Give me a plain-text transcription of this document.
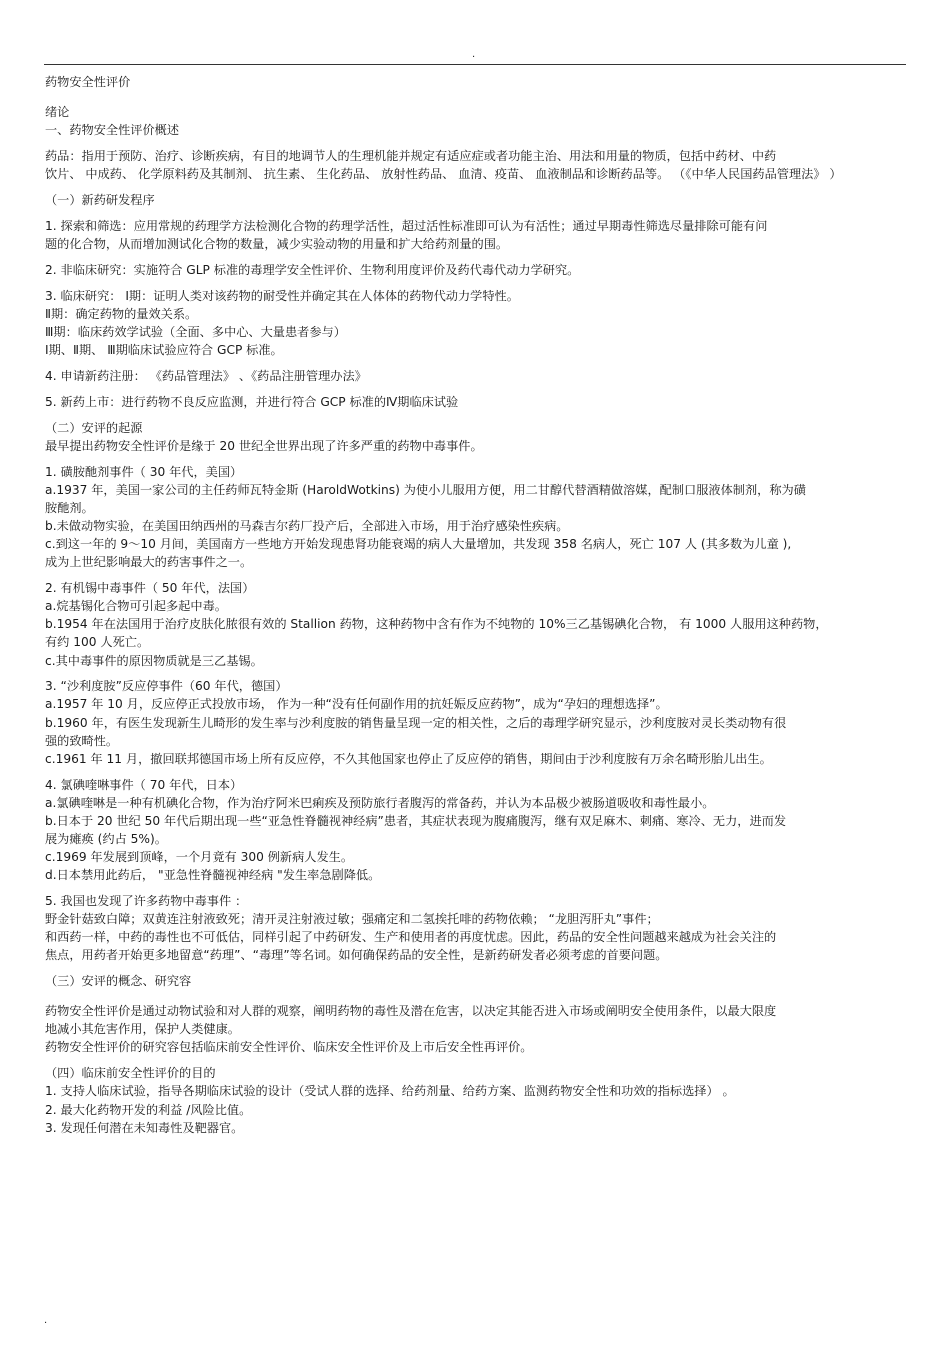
.

药物安全性评价

绪论

一、药物安全性评价概述

药品：指用于预防、治疗、诊断疾病，有目的地调节人的生理机能并规定有适应症或者功能主治、用法和用量的物质，包括中药材、中药

饮片、 中成药、 化学原料药及其制剂、 抗生素、 生化药品、 放射性药品、 血清、疫苗、 血液制品和诊断药品等。 （《中华人民国药品管理法》 ）

（一）新药研发程序

1. 探索和筛选：应用常规的药理学方法检测化合物的药理学活性，超过活性标准即可认为有活性；通过早期毒性筛选尽量排除可能有问

题的化合物，从而增加测试化合物的数量，减少实验动物的用量和扩大给药剂量的围。

2. 非临床研究：实施符合 GLP 标准的毒理学安全性评价、生物利用度评价及药代毒代动力学研究。

3. 临床研究： Ⅰ期：证明人类对该药物的耐受性并确定其在人体体的药物代动力学特性。

Ⅱ期：确定药物的量效关系。

Ⅲ期：临床药效学试验（全面、多中心、大量患者参与）

Ⅰ期、Ⅱ期、 Ⅲ期临床试验应符合 GCP 标准。

4. 申请新药注册： 《药品管理法》 、《药品注册管理办法》

5. 新药上市：进行药物不良反应监测，并进行符合 GCP 标准的Ⅳ期临床试验

（二）安评的起源

最早提出药物安全性评价是缘于 20 世纪全世界出现了许多严重的药物中毒事件。

1. 磺胺酏剂事件（ 30 年代，美国）

a.1937 年，美国一家公司的主任药师瓦特金斯 (HaroldWotkins) 为使小儿服用方便，用二甘醇代替酒精做溶媒，配制口服液体制剂，称为磺

胺酏剂。

b.未做动物实验，在美国田纳西州的马森吉尔药厂投产后，全部进入市场，用于治疗感染性疾病。

c.到这一年的 9～10 月间，美国南方一些地方开始发现患肾功能衰竭的病人大量增加，共发现 358 名病人，死亡 107 人 (其多数为儿童 ),

成为上世纪影响最大的药害事件之一。

2. 有机锡中毒事件（ 50 年代，法国）

a.烷基锡化合物可引起多起中毒。

b.1954 年在法国用于治疗皮肤化脓很有效的 Stallion 药物，这种药物中含有作为不纯物的 10%三乙基锡碘化合物， 有 1000 人服用这种药物，

有约 100 人死亡。

c.其中毒事件的原因物质就是三乙基锡。

3. “沙利度胺”反应停事件（60 年代，德国）

a.1957 年 10 月，反应停正式投放市场， 作为一种“没有任何副作用的抗妊娠反应药物”，成为“孕妇的理想选择”。

b.1960 年，有医生发现新生儿畸形的发生率与沙利度胺的销售量呈现一定的相关性，之后的毒理学研究显示，沙利度胺对灵长类动物有很

强的致畸性。

c.1961 年 11 月，撤回联邦德国市场上所有反应停，不久其他国家也停止了反应停的销售，期间由于沙利度胺有万余名畸形胎儿出生。

4. 氯碘喹啉事件（ 70 年代，日本）

a.氯碘喹啉是一种有机碘化合物，作为治疗阿米巴痢疾及预防旅行者腹泻的常备药，并认为本品极少被肠道吸收和毒性最小。

b.日本于 20 世纪 50 年代后期出现一些“亚急性脊髓视神经病”患者，其症状表现为腹痛腹泻，继有双足麻木、刺痛、寒冷、无力，进而发

展为瘫痪 (约占 5%)。

c.1969 年发展到顶峰，一个月竟有 300 例新病人发生。

d.日本禁用此药后， "亚急性脊髓视神经病 "发生率急剧降低。

5. 我国也发现了许多药物中毒事件 ：

野金针菇致白障；双黄连注射液致死；清开灵注射液过敏；强痛定和二氢挨托啡的药物依赖； “龙胆泻肝丸”事件；

和西药一样，中药的毒性也不可低估，同样引起了中药研发、生产和使用者的再度忧虑。因此，药品的安全性问题越来越成为社会关注的

焦点，用药者开始更多地留意“药理”、“毒理”等名词。如何确保药品的安全性，是新药研发者必须考虑的首要问题。

（三）安评的概念、研究容

药物安全性评价是通过动物试验和对人群的观察，阐明药物的毒性及潜在危害，以决定其能否进入市场或阐明安全使用条件，以最大限度

地减小其危害作用，保护人类健康。

药物安全性评价的研究容包括临床前安全性评价、临床安全性评价及上市后安全性再评价。

（四）临床前安全性评价的目的

1. 支持人临床试验，指导各期临床试验的设计（受试人群的选择、给药剂量、给药方案、监测药物安全性和功效的指标选择） 。

2. 最大化药物开发的利益 /风险比值。

3. 发现任何潜在未知毒性及靶器官。

.
